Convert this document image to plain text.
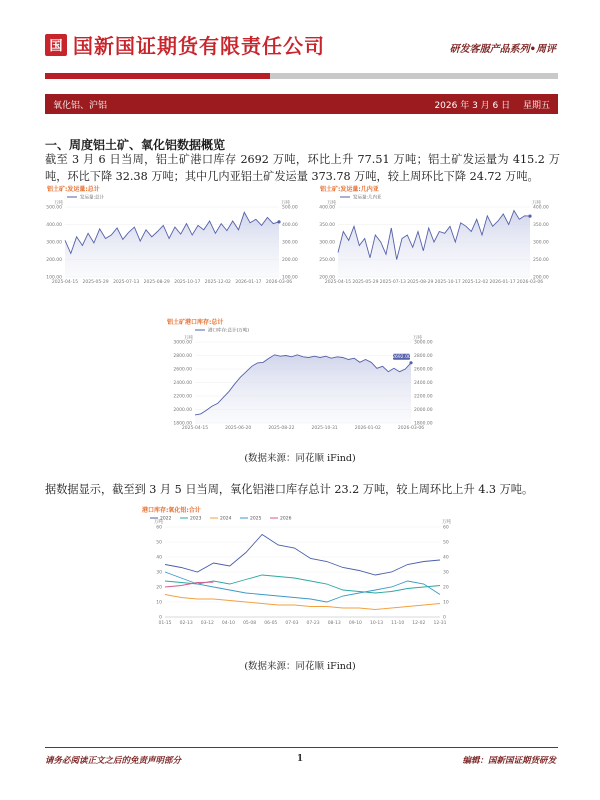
国 国新国证期货有限责任公司	研发客服产品系列•周评
氧化铝、沪铝	2026 年 3 月 6 日 星期五
一、周度铝土矿、氧化铝数据概览
截至 3 月 6 日当周，铝土矿港口库存 2692 万吨，环比上升 77.51 万吨；铝土矿发运量为 415.2 万吨，环比下降 32.38 万吨；其中几内亚铝土矿发运量 373.78 万吨，较上周环比下降 24.72 万吨。
铝土矿:发运量:总计
发运量:总计
万吨	万吨
100.00	100.00
200.00	200.00
300.00	300.00
400.00	400.00
500.00	500.00
2025-04-15 2025-05-29 2025-07-13 2025-08-29 2025-10-17 2025-12-02 2026-01-17 2026-03-06
铝土矿:发运量:几内亚
发运量:几内亚
万吨	万吨
200.00	200.00
250.00	250.00
300.00	300.00
350.00	350.00
400.00	400.00
2025-04-15 2025-05-29 2025-07-13 2025-08-29 2025-10-17 2025-12-02 2026-01-17 2026-03-06
铝土矿港口库存:总计
港口库存:总计(万吨)
万吨	万吨
1800.00	1800.00
2000.00	2000.00
2200.00	2200.00
2400.00	2400.00
2600.00	2600.00
2800.00	2800.00
3000.00	3000.00
2025-04-15	2025-06-20	2025-08-22	2025-10-31	2026-01-02	2026-03-06
2692.00
(数据来源：同花顺 iFind)
据数据显示，截至到 3 月 5 日当周，氧化铝港口库存总计 23.2 万吨，较上周环比上升 4.3 万吨。
港口库存:氧化铝:合计
万吨	万吨
2022	2023	2024	2025	2026
0	0
10	10
20	20
30	30
40	40
50	50
60	60
01-15 02-13 03-12 04-10 05-08 06-05 07-03 07-23 08-13 09-10 10-13 11-10 12-02 12-31
(数据来源：同花顺 iFind)
请务必阅读正文之后的免责声明部分	1	编辑：国新国证期货研发
